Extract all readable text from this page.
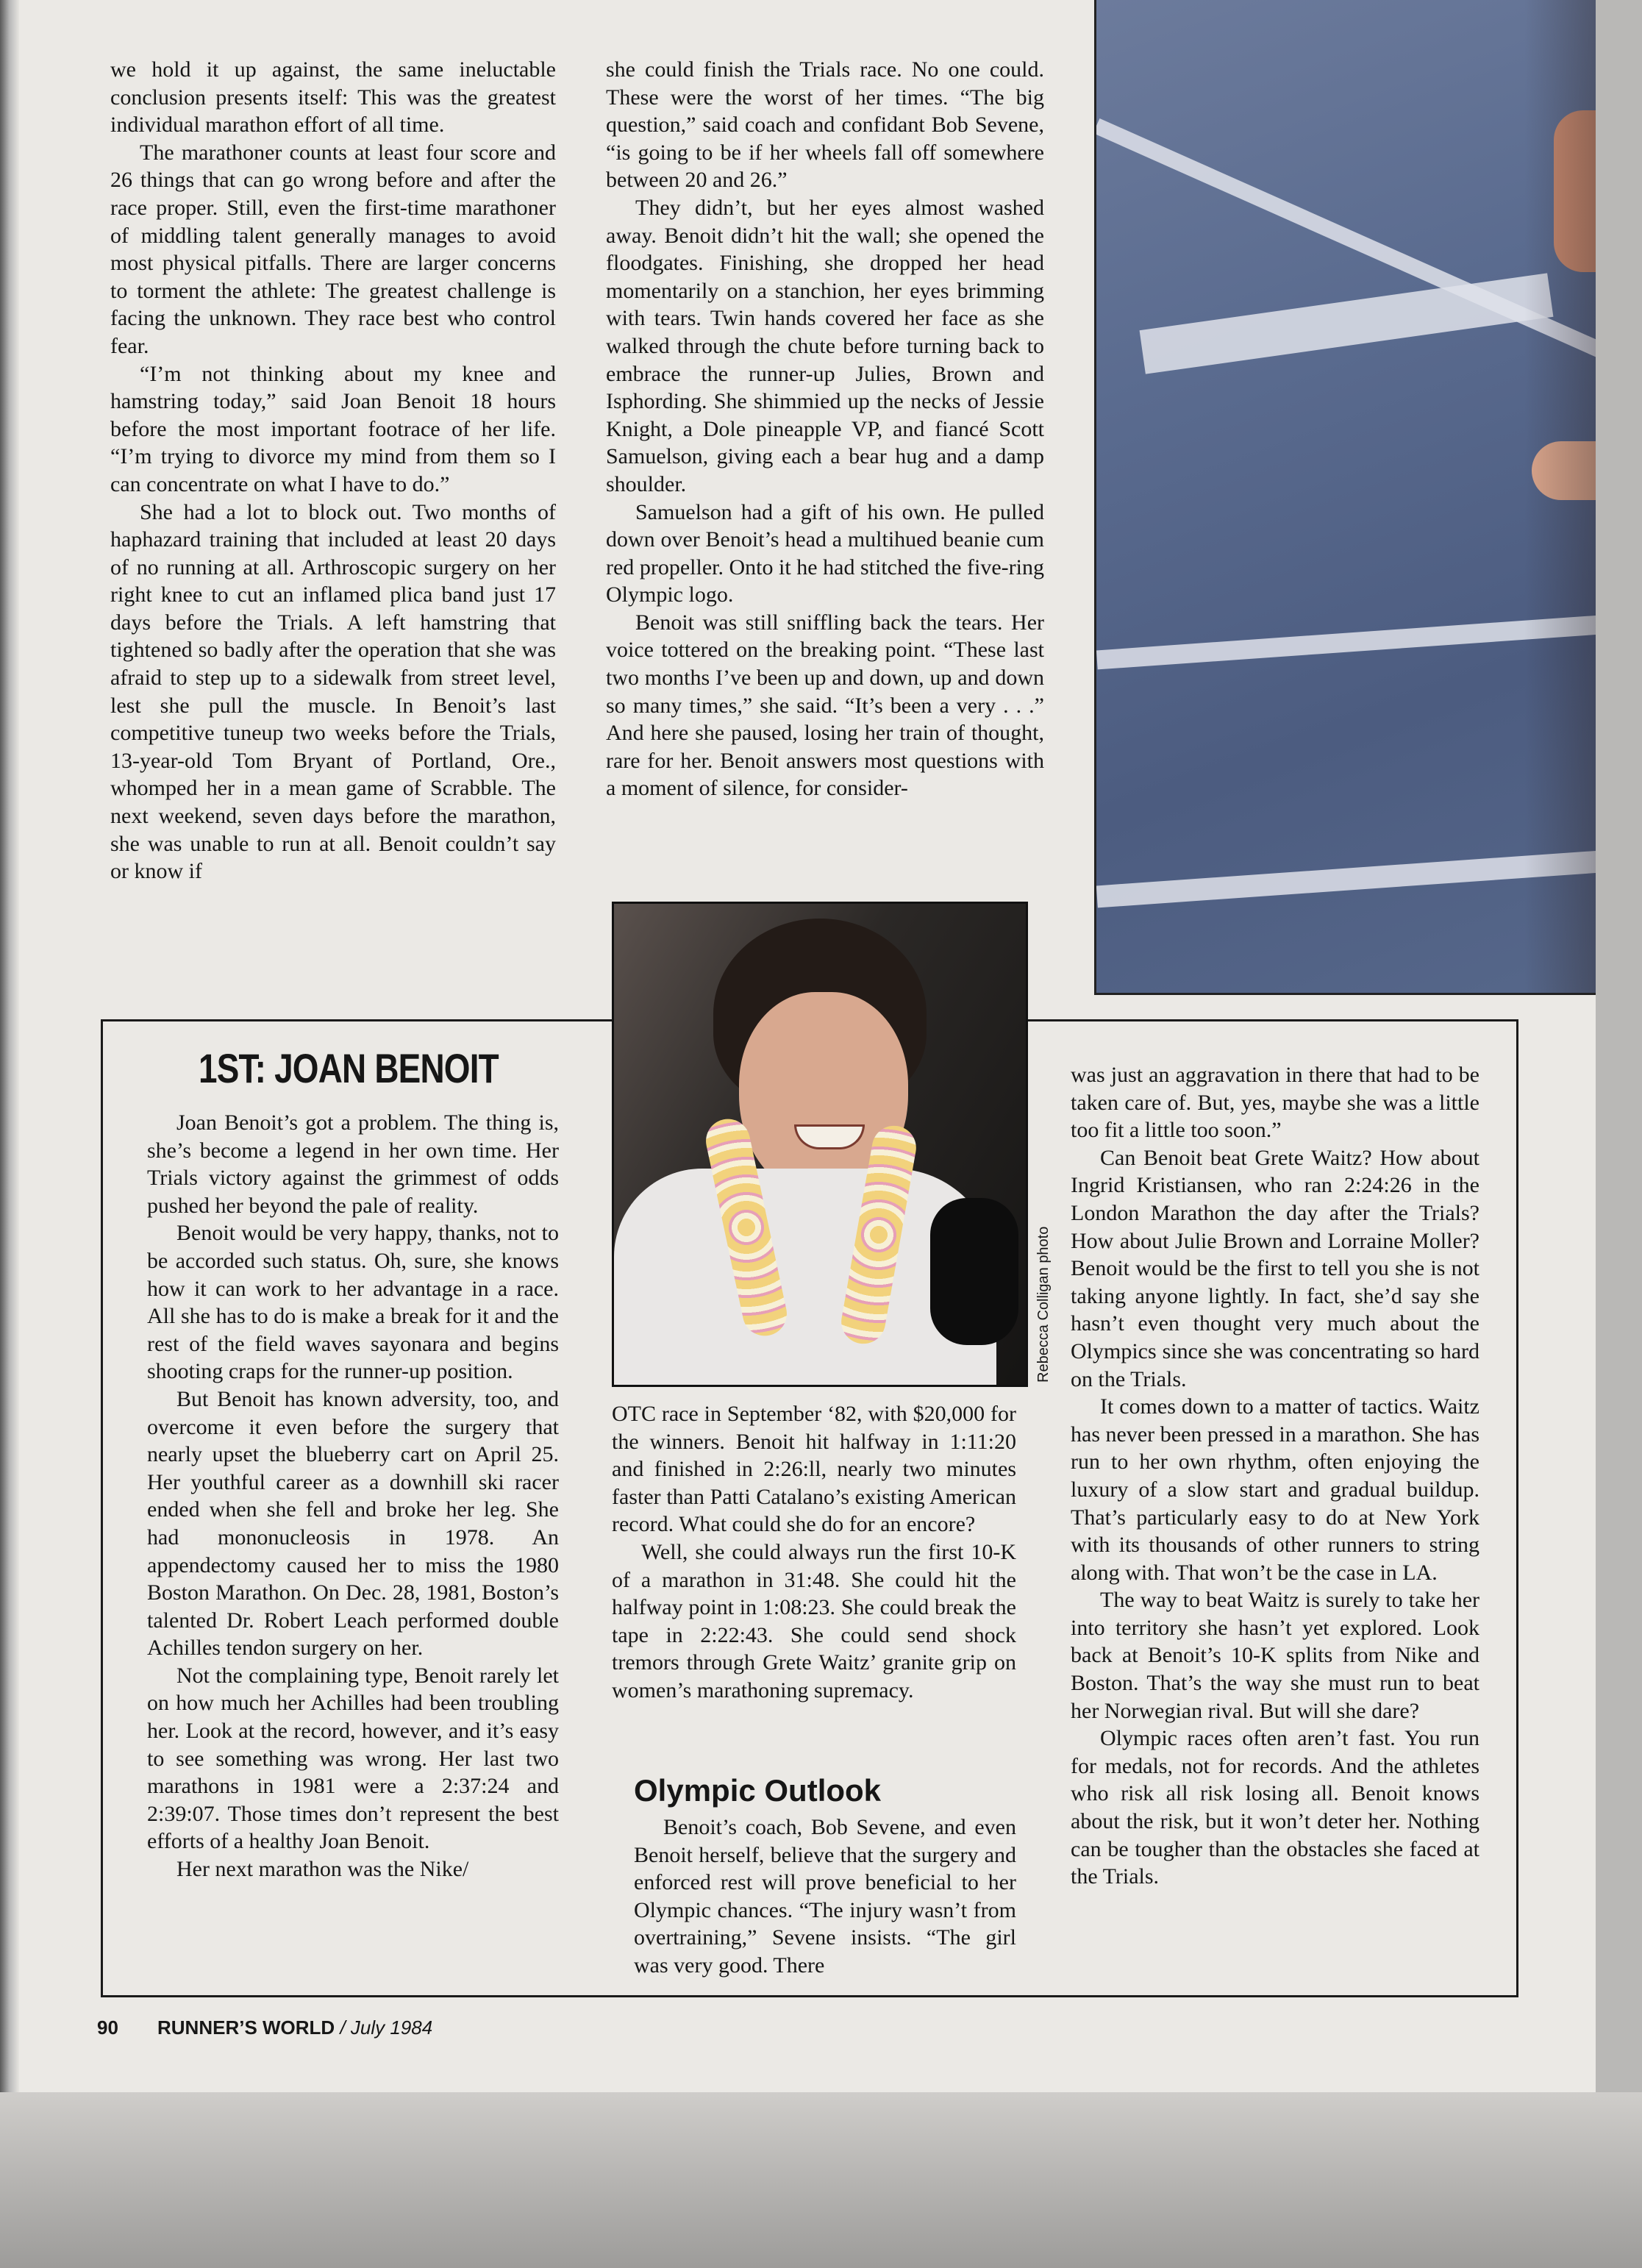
we hold it up against, the same ineluctable conclusion presents itself: This was the greatest individual marathon effort of all time.

The marathoner counts at least four score and 26 things that can go wrong before and after the race proper. Still, even the first-time marathoner of middling talent generally manages to avoid most physical pitfalls. There are larger concerns to torment the athlete: The greatest challenge is facing the unknown. They race best who control fear.

“I’m not thinking about my knee and hamstring today,” said Joan Benoit 18 hours before the most important footrace of her life. “I’m trying to divorce my mind from them so I can concentrate on what I have to do.”

She had a lot to block out. Two months of haphazard training that included at least 20 days of no running at all. Arthroscopic surgery on her right knee to cut an inflamed plica band just 17 days before the Trials. A left hamstring that tightened so badly after the operation that she was afraid to step up to a sidewalk from street level, lest she pull the muscle. In Benoit’s last competitive tuneup two weeks before the Trials, 13-year-old Tom Bryant of Portland, Ore., whomped her in a mean game of Scrabble. The next weekend, seven days before the marathon, she was unable to run at all. Benoit couldn’t say or know if

she could finish the Trials race. No one could. These were the worst of her times. “The big question,” said coach and confidant Bob Sevene, “is going to be if her wheels fall off somewhere between 20 and 26.”

They didn’t, but her eyes almost washed away. Benoit didn’t hit the wall; she opened the floodgates. Finishing, she dropped her head momentarily on a stanchion, her eyes brimming with tears. Twin hands covered her face as she walked through the chute before turning back to embrace the runner-up Julies, Brown and Isphording. She shimmied up the necks of Jessie Knight, a Dole pineapple VP, and fiancé Scott Samuelson, giving each a bear hug and a damp shoulder.

Samuelson had a gift of his own. He pulled down over Benoit’s head a multihued beanie cum red propeller. Onto it he had stitched the five-ring Olympic logo.

Benoit was still sniffling back the tears. Her voice tottered on the breaking point. “These last two months I’ve been up and down, up and down so many times,” she said. “It’s been a very . . .” And here she paused, losing her train of thought, rare for her. Benoit answers most questions with a moment of silence, for consider-

1ST: JOAN BENOIT

Joan Benoit’s got a problem. The thing is, she’s become a legend in her own time. Her Trials victory against the grimmest of odds pushed her beyond the pale of reality.

Benoit would be very happy, thanks, not to be accorded such status. Oh, sure, she knows how it can work to her advantage in a race. All she has to do is make a break for it and the rest of the field waves sayonara and begins shooting craps for the runner-up position.

But Benoit has known adversity, too, and overcome it even before the surgery that nearly upset the blueberry cart on April 25. Her youthful career as a downhill ski racer ended when she fell and broke her leg. She had mononucleosis in 1978. An appendectomy caused her to miss the 1980 Boston Marathon. On Dec. 28, 1981, Boston’s talented Dr. Robert Leach performed double Achilles tendon surgery on her.

Not the complaining type, Benoit rarely let on how much her Achilles had been troubling her. Look at the record, however, and it’s easy to see something was wrong. Her last two marathons in 1981 were a 2:37:24 and 2:39:07. Those times don’t represent the best efforts of a healthy Joan Benoit.

Her next marathon was the Nike/

Rebecca Colligan photo

OTC race in September ‘82, with $20,000 for the winners. Benoit hit halfway in 1:11:20 and finished in 2:26:ll, nearly two minutes faster than Patti Catalano’s existing American record. What could she do for an encore?

Well, she could always run the first 10-K of a marathon in 31:48. She could hit the halfway point in 1:08:23. She could break the tape in 2:22:43. She could send shock tremors through Grete Waitz’ granite grip on women’s marathoning supremacy.

Olympic Outlook

Benoit’s coach, Bob Sevene, and even Benoit herself, believe that the surgery and enforced rest will prove beneficial to her Olympic chances. “The injury wasn’t from overtraining,” Sevene insists. “The girl was very good. There

was just an aggravation in there that had to be taken care of. But, yes, maybe she was a little too fit a little too soon.”

Can Benoit beat Grete Waitz? How about Ingrid Kristiansen, who ran 2:24:26 in the London Marathon the day after the Trials? How about Julie Brown and Lorraine Moller? Benoit would be the first to tell you she is not taking anyone lightly. In fact, she’d say she hasn’t even thought very much about the Olympics since she was concentrating so hard on the Trials.

It comes down to a matter of tactics. Waitz has never been pressed in a marathon. She has run to her own rhythm, often enjoying the luxury of a slow start and gradual buildup. That’s particularly easy to do at New York with its thousands of other runners to string along with. That won’t be the case in LA.

The way to beat Waitz is surely to take her into territory she hasn’t yet explored. Look back at Benoit’s 10-K splits from Nike and Boston. That’s the way she must run to beat her Norwegian rival. But will she dare?

Olympic races often aren’t fast. You run for medals, not for records. And the athletes who risk all risk losing all. Benoit knows about the risk, but it won’t deter her. Nothing can be tougher than the obstacles she faced at the Trials.

90 RUNNER’S WORLD / July 1984
